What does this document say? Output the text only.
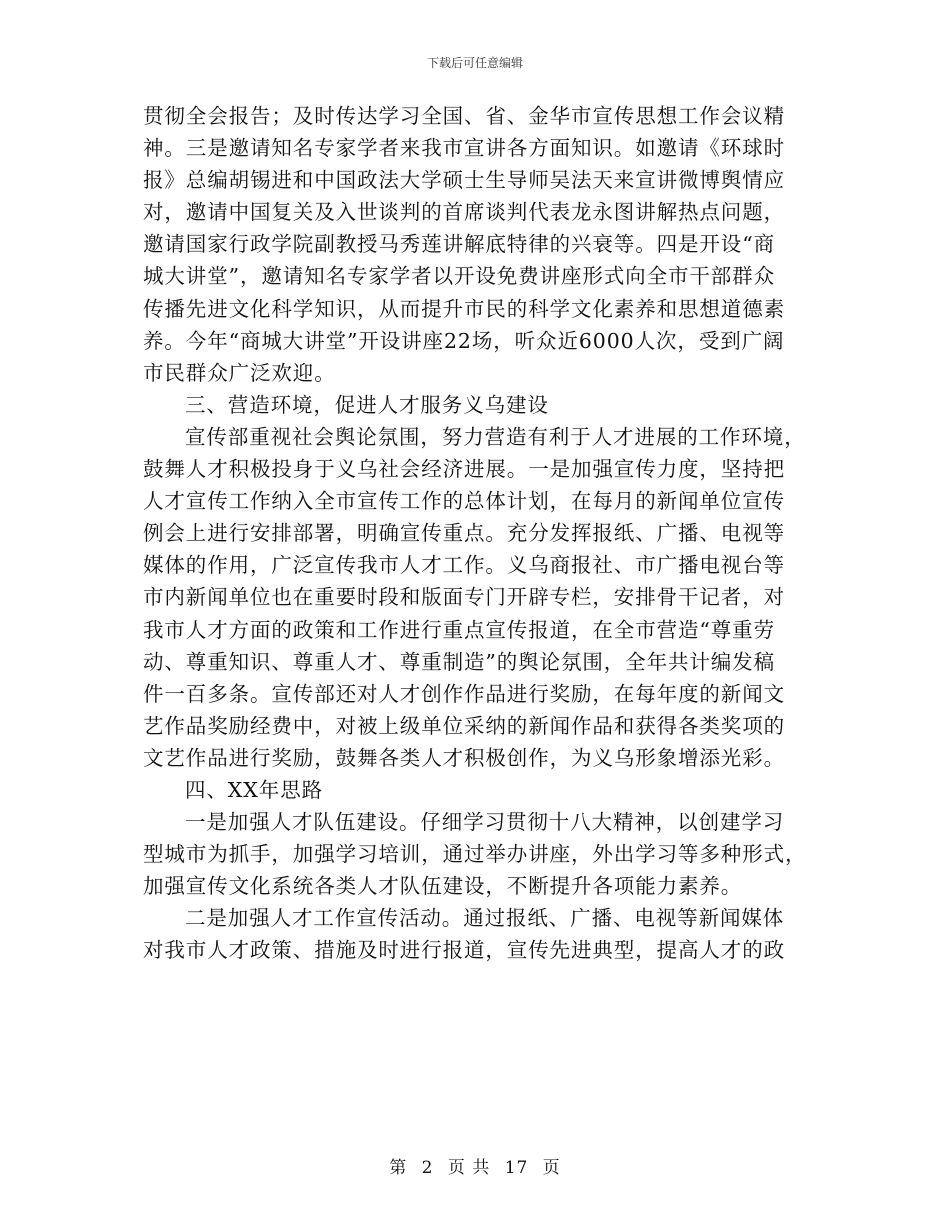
下载后可任意编辑
贯彻全会报告；及时传达学习全国、省、金华市宣传思想工作会议精
神。三是邀请知名专家学者来我市宣讲各方面知识。如邀请《环球时
报》总编胡锡进和中国政法大学硕士生导师吴法天来宣讲微博舆情应
对，邀请中国复关及入世谈判的首席谈判代表龙永图讲解热点问题，
邀请国家行政学院副教授马秀莲讲解底特律的兴衰等。四是开设“商
城大讲堂”，邀请知名专家学者以开设免费讲座形式向全市干部群众
传播先进文化科学知识，从而提升市民的科学文化素养和思想道德素
养。今年“商城大讲堂”开设讲座22场，听众近6000人次，受到广阔
市民群众广泛欢迎。
三、营造环境，促进人才服务义乌建设
宣传部重视社会舆论氛围，努力营造有利于人才进展的工作环境，
鼓舞人才积极投身于义乌社会经济进展。一是加强宣传力度，坚持把
人才宣传工作纳入全市宣传工作的总体计划，在每月的新闻单位宣传
例会上进行安排部署，明确宣传重点。充分发挥报纸、广播、电视等
媒体的作用，广泛宣传我市人才工作。义乌商报社、市广播电视台等
市内新闻单位也在重要时段和版面专门开辟专栏，安排骨干记者，对
我市人才方面的政策和工作进行重点宣传报道，在全市营造“尊重劳
动、尊重知识、尊重人才、尊重制造”的舆论氛围，全年共计编发稿
件一百多条。宣传部还对人才创作作品进行奖励，在每年度的新闻文
艺作品奖励经费中，对被上级单位采纳的新闻作品和获得各类奖项的
文艺作品进行奖励，鼓舞各类人才积极创作，为义乌形象增添光彩。
四、XX年思路
一是加强人才队伍建设。仔细学习贯彻十八大精神，以创建学习
型城市为抓手，加强学习培训，通过举办讲座，外出学习等多种形式，
加强宣传文化系统各类人才队伍建设，不断提升各项能力素养。
二是加强人才工作宣传活动。通过报纸、广播、电视等新闻媒体
对我市人才政策、措施及时进行报道，宣传先进典型，提高人才的政
第 2 页 共 17 页
